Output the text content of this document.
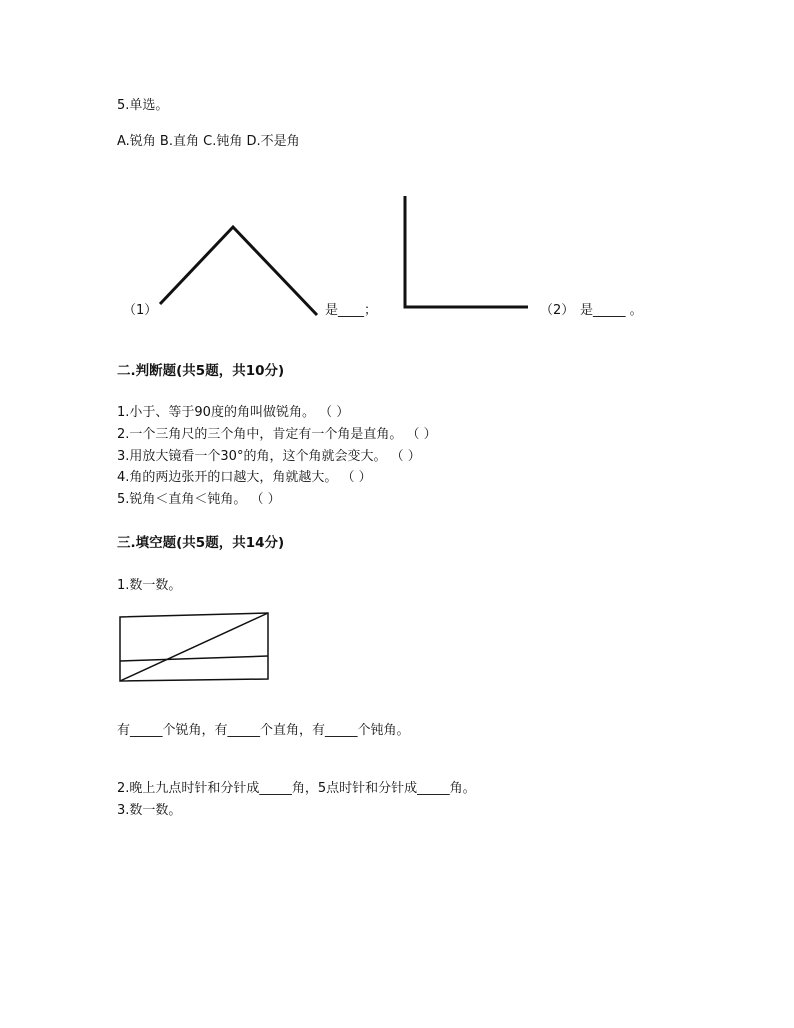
5.单选。
A.锐角 B.直角 C.钝角 D.不是角
（1）	是____；	（2） 是_____ 。
二.判断题(共5题，共10分)
1.小于、等于90度的角叫做锐角。 （ ）
2.一个三角尺的三个角中，肯定有一个角是直角。 （ ）
3.用放大镜看一个30°的角，这个角就会变大。 （ ）
4.角的两边张开的口越大，角就越大。 （ ）
5.锐角＜直角＜钝角。 （ ）
三.填空题(共5题，共14分)
1.数一数。
有_____个锐角，有_____个直角，有_____个钝角。
2.晚上九点时针和分针成_____角，5点时针和分针成_____角。
3.数一数。
